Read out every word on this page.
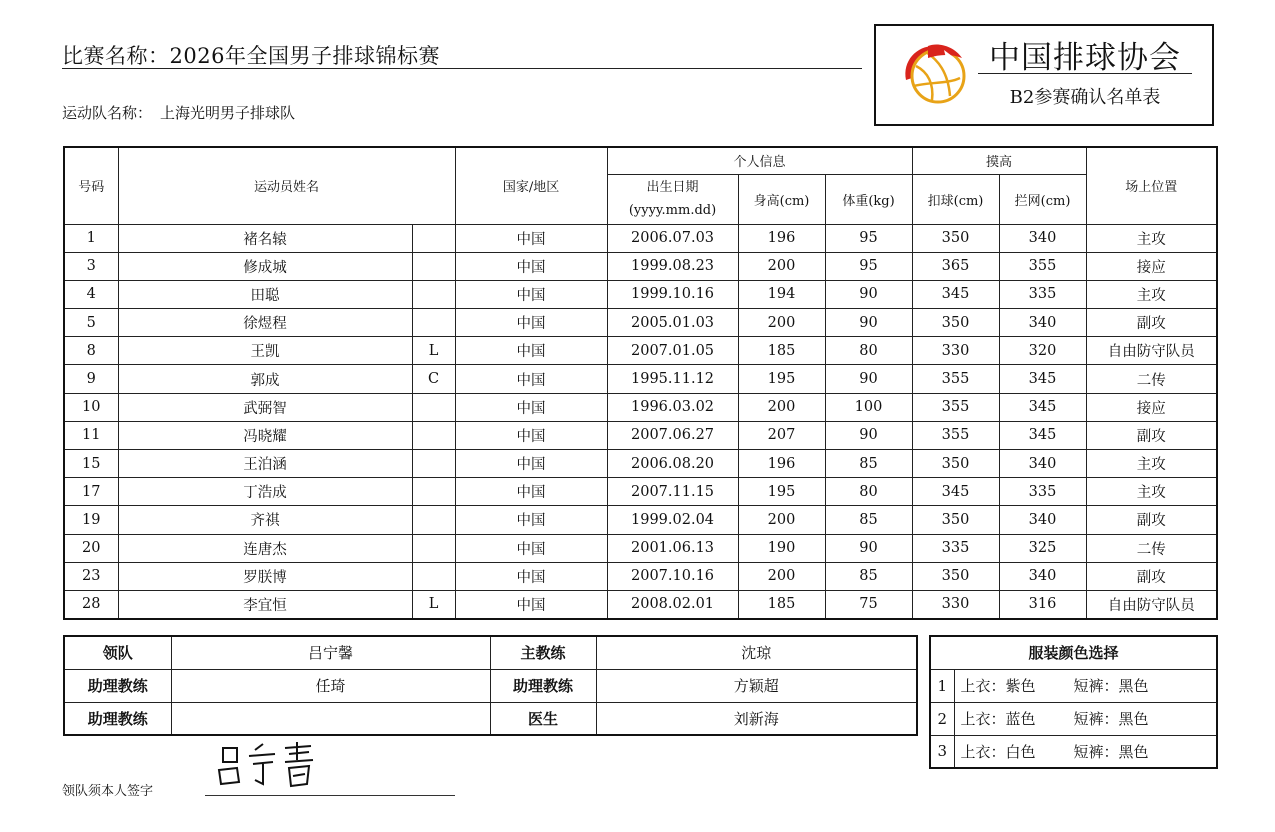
比赛名称：2026年全国男子排球锦标赛
运动队名称： 上海光明男子排球队
中国排球协会
B2参赛确认名单表
号码	运动员姓名		国家/地区	个人信息			摸高		场上位置

				出生日期
(yyyy.mm.dd)	身高(cm)	体重(kg)	扣球(cm)	拦网(cm)	
1	褚名辕		中国	2006.07.03	196	95	350	340	主攻
3	修成城		中国	1999.08.23	200	95	365	355	接应
4	田聪		中国	1999.10.16	194	90	345	335	主攻
5	徐煜程		中国	2005.01.03	200	90	350	340	副攻
8	王凯	L	中国	2007.01.05	185	80	330	320	自由防守队员
9	郭成	C	中国	1995.11.12	195	90	355	345	二传
10	武弼智		中国	1996.03.02	200	100	355	345	接应
11	冯晓耀		中国	2007.06.27	207	90	355	345	副攻
15	王泊涵		中国	2006.08.20	196	85	350	340	主攻
17	丁浩成		中国	2007.11.15	195	80	345	335	主攻
19	齐祺		中国	1999.02.04	200	85	350	340	副攻
20	连唐杰		中国	2001.06.13	190	90	335	325	二传
23	罗朕博		中国	2007.10.16	200	85	350	340	副攻
28	李宜恒	L	中国	2008.02.01	185	75	330	316	自由防守队员
领队	吕宁馨	主教练	沈琼
助理教练	任琦	助理教练	方颖超
助理教练		医生	刘新海
服装颜色选择	
1	上衣：紫色 短裤：黑色
2	上衣：蓝色 短裤：黑色
3	上衣：白色 短裤：黑色
领队须本人签字
